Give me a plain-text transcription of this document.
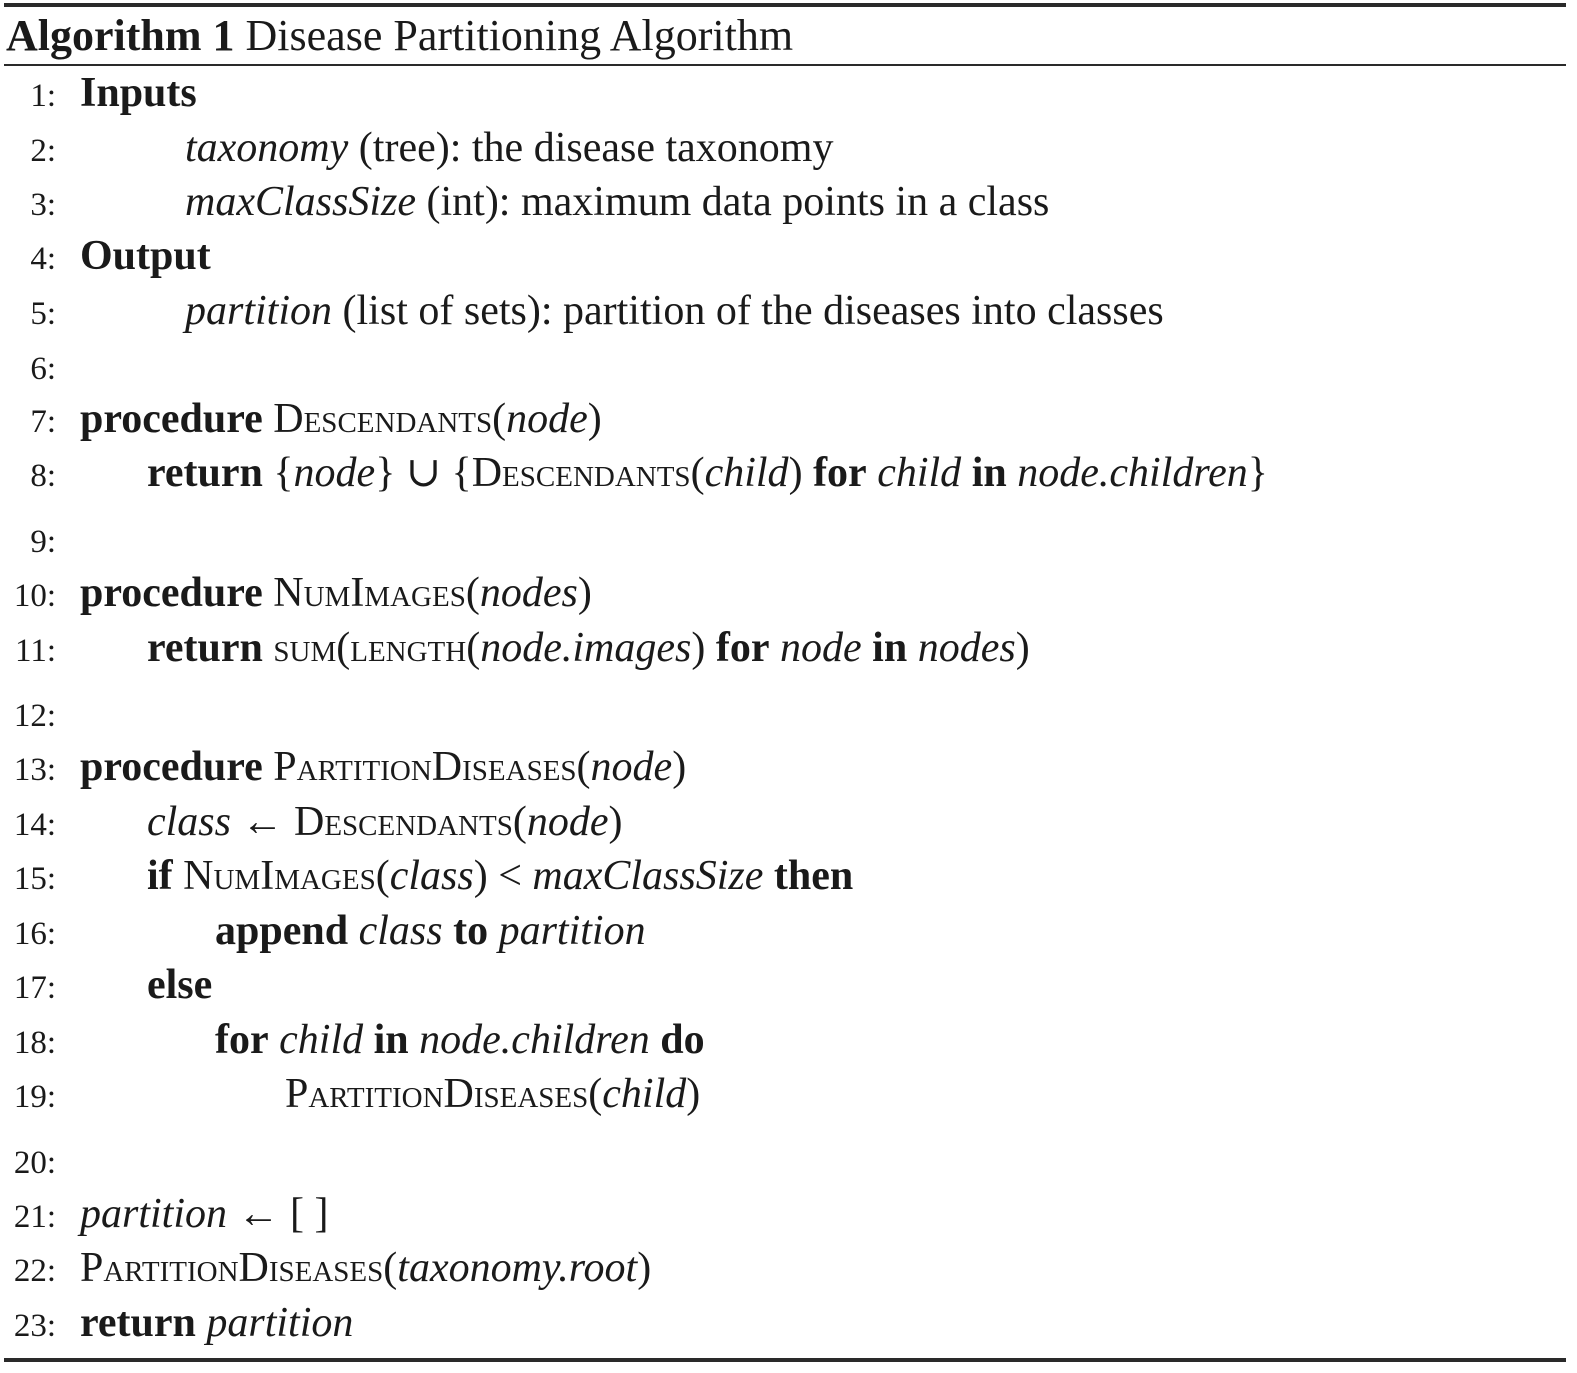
Algorithm 1 Disease Partitioning Algorithm
1: Inputs
2:	taxonomy (tree): the disease taxonomy
3:	maxClassSize (int): maximum data points in a class
4: Output
5:	partition (list of sets): partition of the diseases into classes
6:
7: procedure Descendants(node)
8: return {node} ∪ {Descendants(child) for child in node.children}
9:
10: procedure NumImages(nodes)
11: return sum(length(node.images) for node in nodes)
12:
13: procedure PartitionDiseases(node)
14: class ← Descendants(node)
15: if NumImages(class) < maxClassSize then
16:	append class to partition
17: else
18:	for child in node.children do
19:	PartitionDiseases(child)
20:
21: partition ← [ ]
22: PartitionDiseases(taxonomy.root)
23: return partition
